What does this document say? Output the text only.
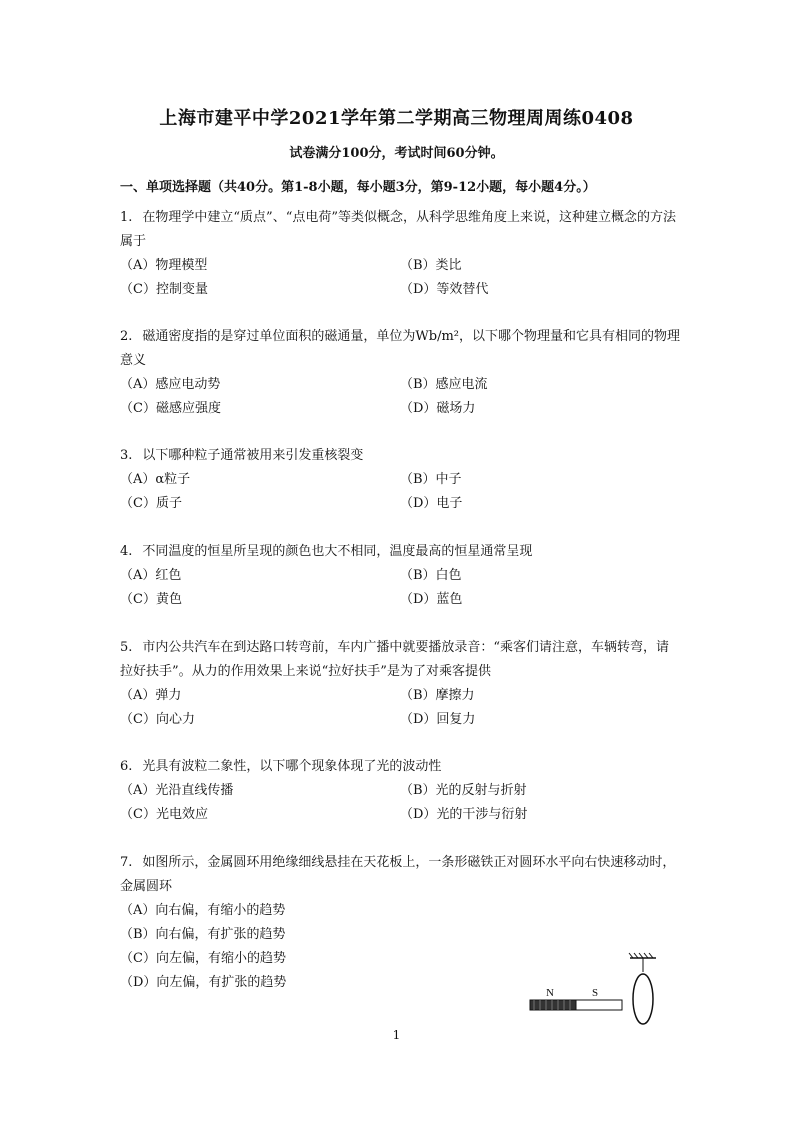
上海市建平中学2021学年第二学期高三物理周周练0408
试卷满分100分，考试时间60分钟。
一、单项选择题（共40分。第1-8小题，每小题3分，第9-12小题，每小题4分。）
1. 在物理学中建立“质点”、“点电荷”等类似概念，从科学思维角度上来说，这种建立概念的方法属于
（A）物理模型	（B）类比
（C）控制变量	（D）等效替代
2. 磁通密度指的是穿过单位面积的磁通量，单位为Wb/m²，以下哪个物理量和它具有相同的物理意义
（A）感应电动势	（B）感应电流
（C）磁感应强度	（D）磁场力
3. 以下哪种粒子通常被用来引发重核裂变
（A）α粒子	（B）中子
（C）质子	（D）电子
4. 不同温度的恒星所呈现的颜色也大不相同，温度最高的恒星通常呈现
（A）红色	（B）白色
（C）黄色	（D）蓝色
5. 市内公共汽车在到达路口转弯前，车内广播中就要播放录音：“乘客们请注意，车辆转弯，请拉好扶手”。从力的作用效果上来说“拉好扶手”是为了对乘客提供
（A）弹力	（B）摩擦力
（C）向心力	（D）回复力
6. 光具有波粒二象性，以下哪个现象体现了光的波动性
（A）光沿直线传播	（B）光的反射与折射
（C）光电效应	（D）光的干涉与衍射
7. 如图所示，金属圆环用绝缘细线悬挂在天花板上，一条形磁铁正对圆环水平向右快速移动时，金属圆环
（A）向右偏，有缩小的趋势
（B）向右偏，有扩张的趋势
（C）向左偏，有缩小的趋势
（D）向左偏，有扩张的趋势
N	S
1
